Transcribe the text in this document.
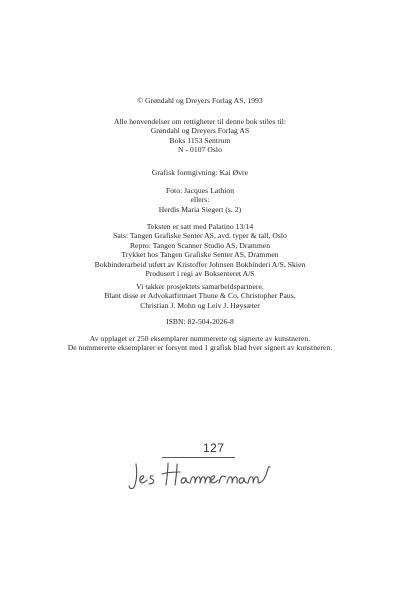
© Grøndahl og Dreyers Forlag AS, 1993
Alle henvendelser om rettigheter til denne bok stiles til:
Grøndahl og Dreyers Forlag AS
Boks 1153 Sentrum
N - 0107 Oslo
Grafisk formgivning: Kai Øvre
Foto: Jacques Lathion
ellers:
Herdis Maria Siegert (s. 2)
Teksten er satt med Palatino 13/14
Sats: Tangen Grafiske Senter AS, avd. typer & tall, Oslo
Repro: Tangen Scanner Studio AS, Drammen
Trykket hos Tangen Grafiske Senter AS, Drammen
Bokbinderarbeid utført av Kristoffer Johnsen Bokbinderi A/S, Skien
Produsert i regi av Boksenteret A/S
Vi takker prosjektets samarbeidspartnere.
Blant disse er Advokatfirmaet Thune & Co, Christopher Paus,
Christian J. Mohn og Leiv J. Høysæter
ISBN: 82-504-2026-8
Av opplaget er 250 eksemplarer nummererte og signerte av kunstneren.
De nummererte eksemplarer er forsynt med 1 grafisk blad hver signert av kunstneren.
127
